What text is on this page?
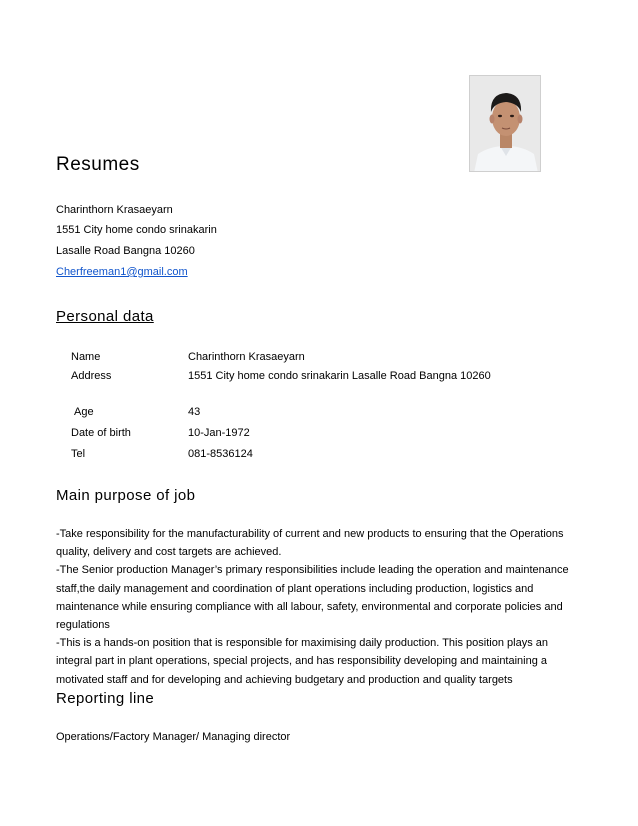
Resumes
Charinthorn Krasaeyarn
1551 City home condo srinakarin
Lasalle Road Bangna 10260
Cherfreeman1@gmail.com
Personal data
Name	Charinthorn Krasaeyarn
Address	1551 City home condo srinakarin Lasalle Road Bangna 10260
Age	43
Date of birth	10-Jan-1972
Tel	081-8536124
Main purpose of job

-Take responsibility for the manufacturability of current and new products to ensuring that the Operations quality, delivery and cost targets are achieved.

-The Senior production Manager’s primary responsibilities include leading the operation and maintenance staff,the daily management and coordination of plant operations including production, logistics and maintenance while ensuring compliance with all labour, safety, environmental and corporate policies and regulations

-This is a hands-on position that is responsible for maximising daily production. This position plays an integral part in plant operations, special projects, and has responsibility developing and maintaining a motivated staff and for developing and achieving budgetary and production and quality targets

Reporting line
Operations/Factory Manager/ Managing director
